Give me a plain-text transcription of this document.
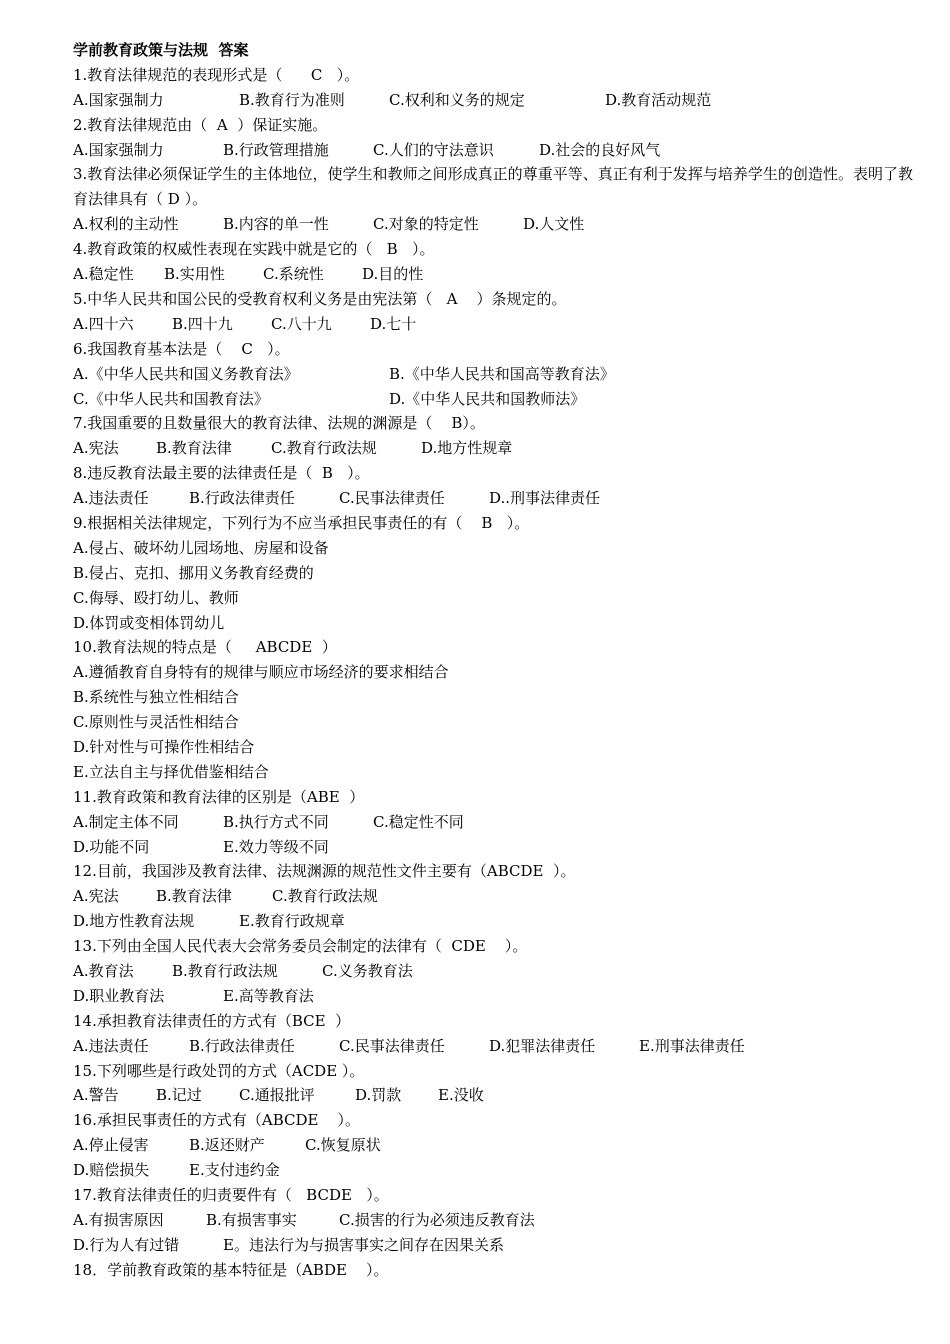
学前教育政策与法规  答案
1.教育法律规范的表现形式是（      C   ）。
A.国家强制力	B.教育行为准则	C.权利和义务的规定	D.教育活动规范
2.教育法律规范由（  A  ）保证实施。
A.国家强制力	B.行政管理措施	C.人们的守法意识	D.社会的良好风气
3.教育法律必须保证学生的主体地位，使学生和教师之间形成真正的尊重平等、真正有利于发挥与培养学生的创造性。表明了教育法律具有（ D ）。
A.权利的主动性	B.内容的单一性	C.对象的特定性	D.人文性
4.教育政策的权威性表现在实践中就是它的（   B   ）。
A.稳定性 B.实用性	C.系统性	D.目的性
5.中华人民共和国公民的受教育权利义务是由宪法第（   A    ）条规定的。
A.四十六	B.四十九	C.八十九	D.七十
6.我国教育基本法是（    C   ）。
A.《中华人民共和国义务教育法》	B.《中华人民共和国高等教育法》
C.《中华人民共和国教育法》	D.《中华人民共和国教师法》
7.我国重要的且数量很大的教育法律、法规的渊源是（    B）。
A.宪法 B.教育法律	C.教育行政法规	D.地方性规章
8.违反教育法最主要的法律责任是（  B   ）。
A.违法责任	B.行政法律责任	C.民事法律责任	D..刑事法律责任
9.根据相关法律规定，下列行为不应当承担民事责任的有（    B   ）。
A.侵占、破坏幼儿园场地、房屋和设备
B.侵占、克扣、挪用义务教育经费的
C.侮辱、殴打幼儿、教师
D.体罚或变相体罚幼儿
10.教育法规的特点是（     ABCDE  ）
A.遵循教育自身特有的规律与顺应市场经济的要求相结合
B.系统性与独立性相结合
C.原则性与灵活性相结合
D.针对性与可操作性相结合
E.立法自主与择优借鉴相结合
11.教育政策和教育法律的区别是（ABE  ）
A.制定主体不同	B.执行方式不同	C.稳定性不同
D.功能不同	E.效力等级不同
12.目前，我国涉及教育法律、法规渊源的规范性文件主要有（ABCDE  ）。
A.宪法 B.教育法律	C.教育行政法规
D.地方性教育法规	E.教育行政规章
13.下列由全国人民代表大会常务委员会制定的法律有（  CDE    ）。
A.教育法	B.教育行政法规	C.义务教育法
D.职业教育法	E.高等教育法
14.承担教育法律责任的方式有（BCE  ）
A.违法责任	B.行政法律责任	C.民事法律责任	D.犯罪法律责任	E.刑事法律责任
15.下列哪些是行政处罚的方式（ACDE ）。
A.警告 B.记过 C.通报批评	D.罚款 E.没收
16.承担民事责任的方式有（ABCDE    ）。
A.停止侵害	B.返还财产	C.恢复原状
D.赔偿损失	E.支付违约金
17.教育法律责任的归责要件有（   BCDE   ）。
A.有损害原因	B.有损害事实	C.损害的行为必须违反教育法
D.行为人有过错	E。违法行为与损害事实之间存在因果关系
18．学前教育政策的基本特征是（ABDE    ）。
